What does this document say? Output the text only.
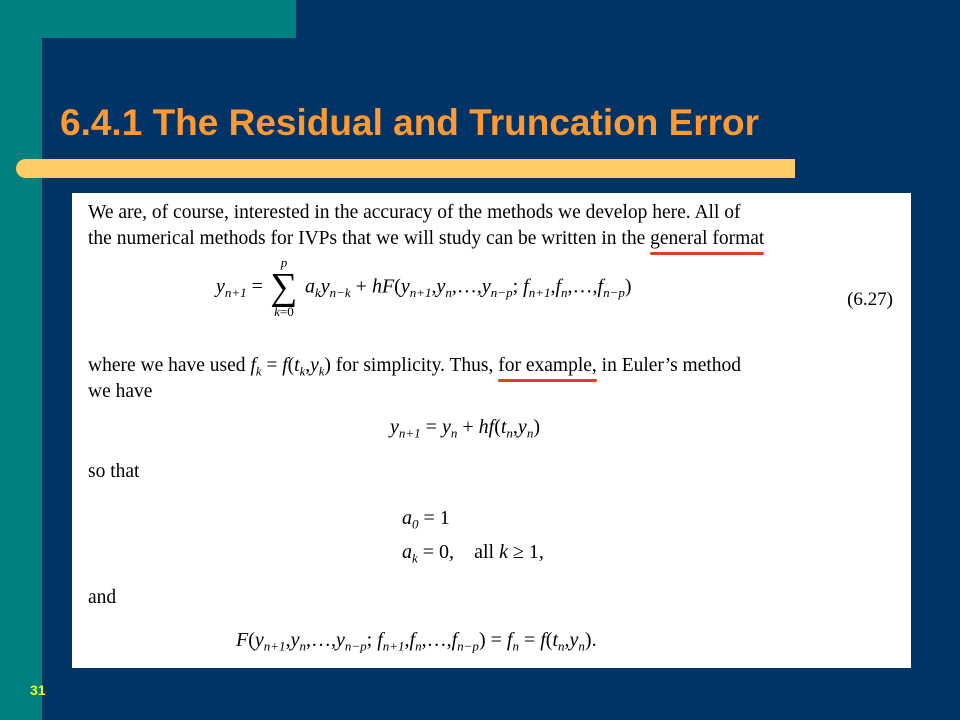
6.4.1 The Residual and Truncation Error
We are, of course, interested in the accuracy of the methods we develop here. All of
the numerical methods for IVPs that we will study can be written in the general format
$y_{n+1}$ =
p
∑
k=0
$a_ky_{n-k}$ + $hF(y_{n+1},y_n,\dots,y_{n-p}$; $f_{n+1},f_n,\dots,f_{n-p}$)
(6.27)
where we have used $f_k = f(t_k,y_k)$ for simplicity. Thus, for example, in Euler’s method
we have
$y_{n+1} = y_n + hf(t_n,y_n)$
so that
$a_0 = 1$
$a_k = 0$,    all k ≥ 1,
and
$F(y_{n+1},y_n,\dots,y_{n-p}$; $f_{n+1},f_n,\dots,f_{n-p}) = f_n = f(t_n,y_n)$.
31
